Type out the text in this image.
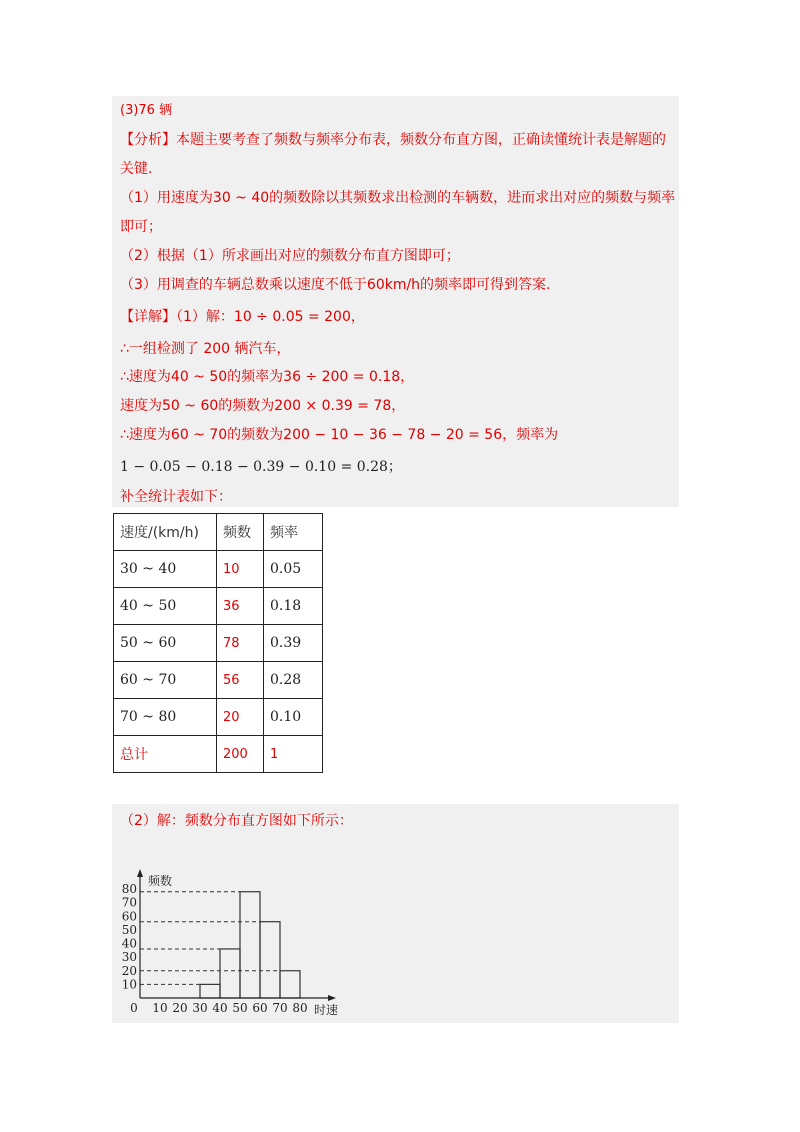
(3)76 辆
【分析】本题主要考查了频数与频率分布表，频数分布直方图，正确读懂统计表是解题的
关键.
（1）用速度为30 ~ 40的频数除以其频数求出检测的车辆数，进而求出对应的频数与频率
即可；
（2）根据（1）所求画出对应的频数分布直方图即可；
（3）用调查的车辆总数乘以速度不低于60km/h的频率即可得到答案.
【详解】（1）解：10 ÷ 0.05 = 200，
∴一组检测了 200 辆汽车，
∴速度为40 ~ 50的频率为36 ÷ 200 = 0.18，
速度为50 ~ 60的频数为200 × 0.39 = 78，
∴速度为60 ~ 70的频数为200 − 10 − 36 − 78 − 20 = 56，频率为
1 − 0.05 − 0.18 − 0.39 − 0.10 = 0.28；
补全统计表如下：
速度/(km/h)	频数	频率
30 ~ 40	10	0.05
40 ~ 50	36	0.18
50 ~ 60	78	0.39
60 ~ 70	56	0.28
70 ~ 80	20	0.10
总计	200	1
（2）解：频数分布直方图如下所示：
10
20
30
40
50
60
70
80
0 10 20 30 40 50 60 70 80
频数
时速
